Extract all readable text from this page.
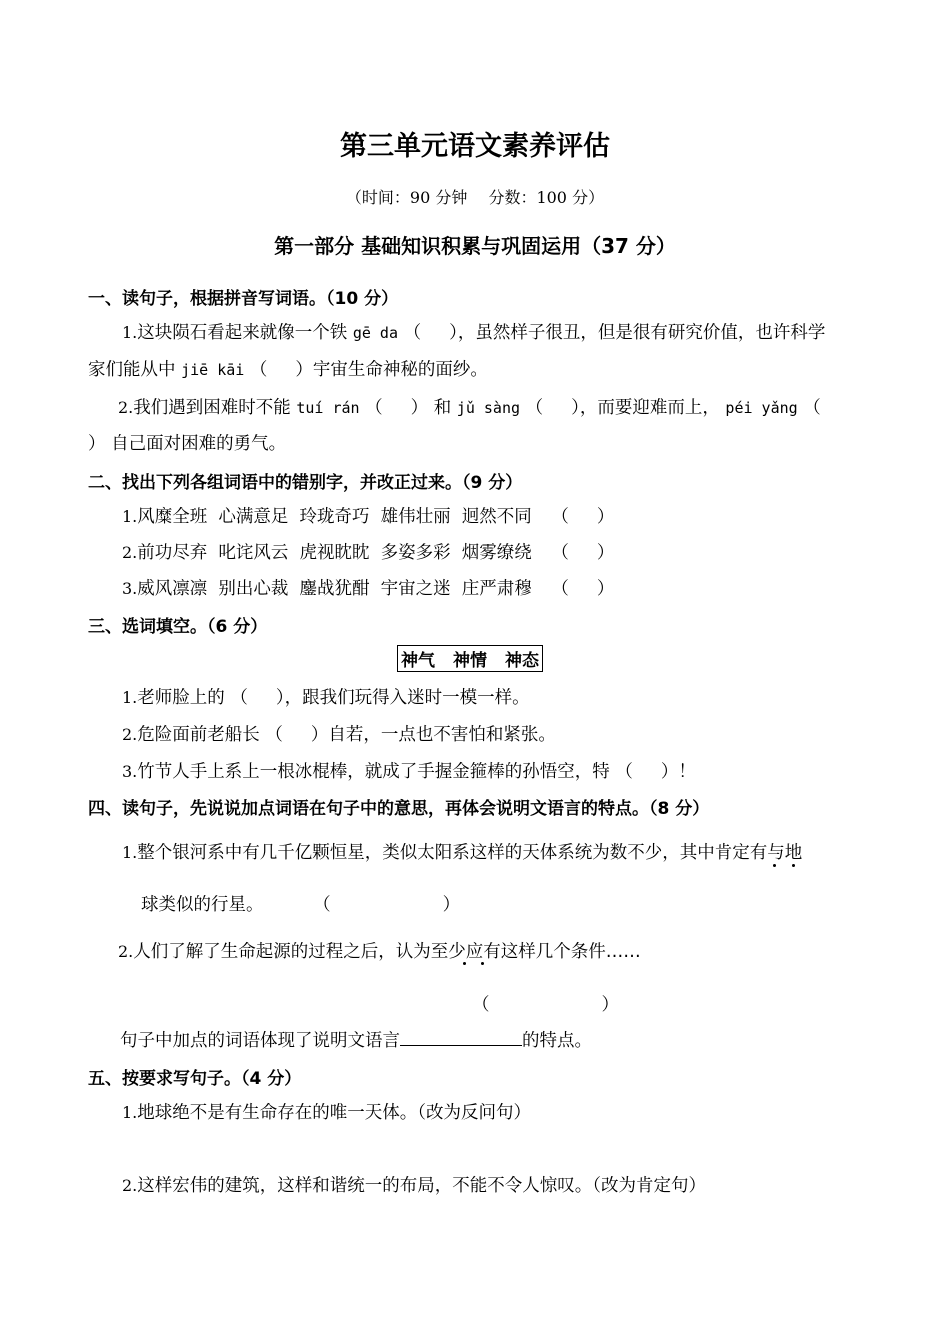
第三单元语文素养评估
（时间：90 分钟　 分数：100 分）
第一部分 基础知识积累与巩固运用（37 分）
一、读句子，根据拼音写词语。（10 分）
1.这块陨石看起来就像一个铁 gē da （ ），虽然样子很丑，但是很有研究价值，也许科学
家们能从中 jiē kāi （ ）宇宙生命神秘的面纱。
2.我们遇到困难时不能 tuí rán （ ） 和 jǔ sàng （ ），而要迎难而上， péi yǎng （
） 自己面对困难的勇气。
二、找出下列各组词语中的错别字，并改正过来。（9 分）
1.风糜全班  心满意足  玲珑奇巧  雄伟壮丽  迥然不同 （ ）
2.前功尽弃  叱诧风云  虎视眈眈  多姿多彩  烟雾缭绕 （ ）
3.威风凛凛  别出心裁  鏖战犹酣  宇宙之迷  庄严肃穆 （ ）
三、选词填空。（6 分）
神气 神情 神态
1.老师脸上的 （ ），跟我们玩得入迷时一模一样。
2.危险面前老船长 （ ）自若，一点也不害怕和紧张。
3.竹节人手上系上一根冰棍棒，就成了手握金箍棒的孙悟空，特 （ ）！
四、读句子，先说说加点词语在句子中的意思，再体会说明文语言的特点。（8 分）
1.整个银河系中有几千亿颗恒星，类似太阳系这样的天体系统为数不少，其中肯定有与地
球类似的行星。	（	）
2.人们了解了生命起源的过程之后，认为至少应有这样几个条件……
（	）
句子中加点的词语体现了说明文语言	的特点。
五、按要求写句子。（4 分）
1.地球绝不是有生命存在的唯一天体。（改为反问句）
2.这样宏伟的建筑，这样和谐统一的布局，不能不令人惊叹。（改为肯定句）
